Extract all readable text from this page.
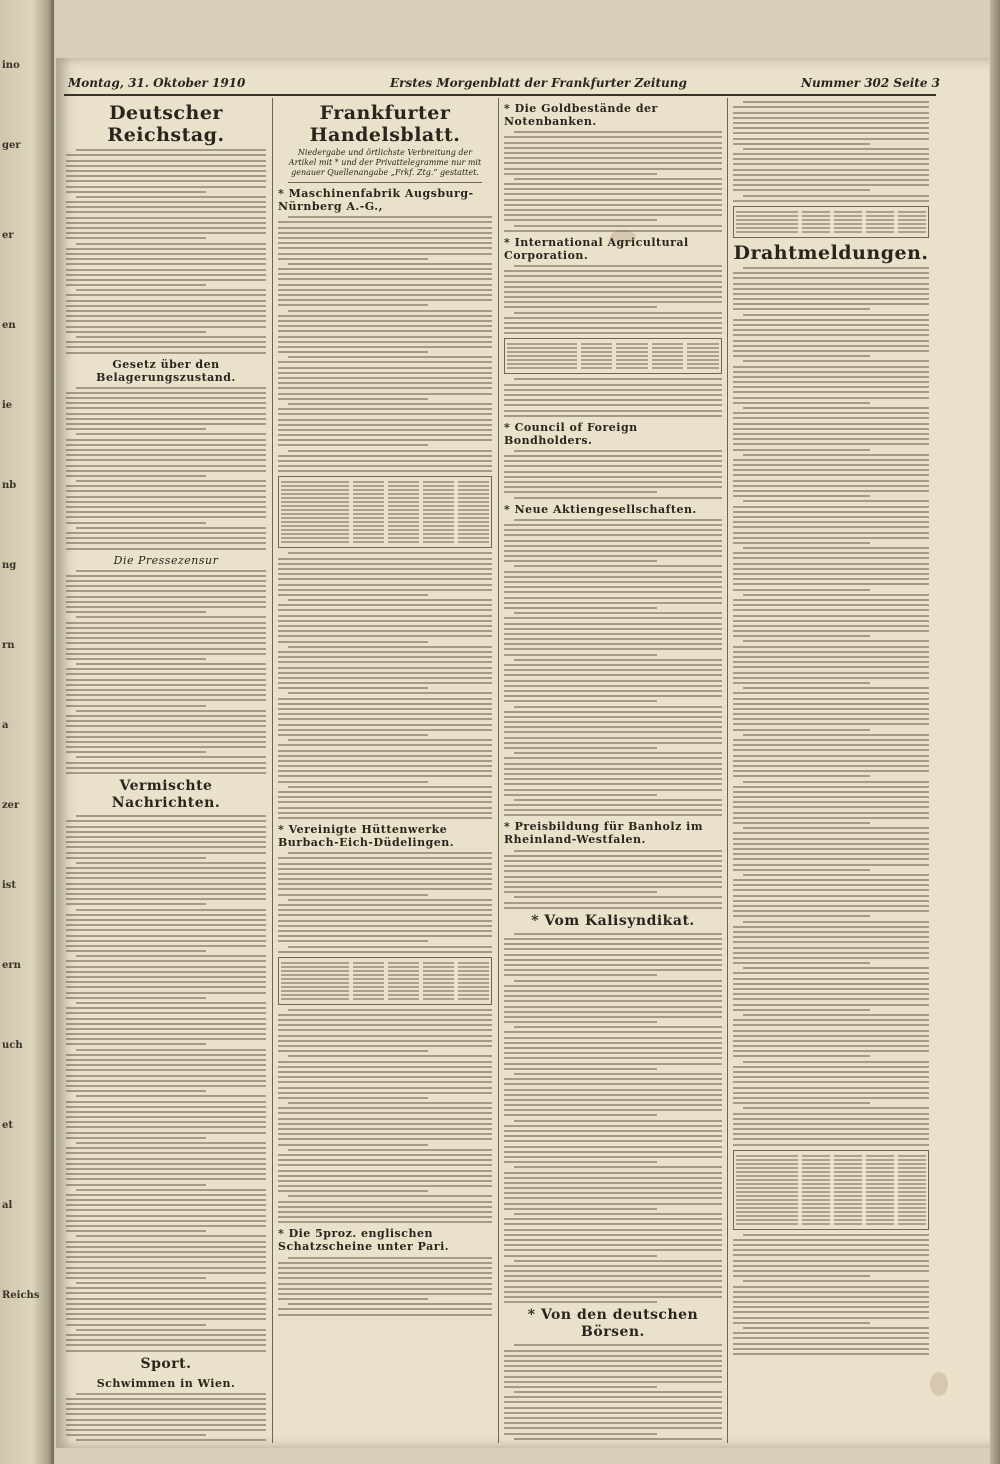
ino
ger
er
en
ie
nb
ng
rn
a
zer
ist
ern
uch
et
al
Reichs
Montag, 31. Oktober 1910	Erstes Morgenblatt der Frankfurter Zeitung	Nummer 302 Seite 3
Deutscher Reichstag.
Gesetz über den Belagerungszustand.
Die Pressezensur
Vermischte Nachrichten.
Sport.
Schwimmen in Wien.
Frankfurter Handelsblatt.
Niedergabe und örtlichste Verbreitung der Artikel mit * und der Privattelegramme nur mit genauer Quellenangabe „Frkf. Ztg.“ gestattet.
* Maschinenfabrik Augsburg-Nürnberg A.-G.,
* Vereinigte Hüttenwerke Burbach-Eich-Düdelingen.
* Die 5proz. englischen Schatzscheine unter Pari.
* Die Goldbestände der Notenbanken.
* International Agricultural Corporation.
* Council of Foreign Bondholders.
* Neue Aktiengesellschaften.
* Preisbildung für Banholz im Rheinland-Westfalen.
* Vom Kalisyndikat.
* Von den deutschen Börsen.
Drahtmeldungen.
